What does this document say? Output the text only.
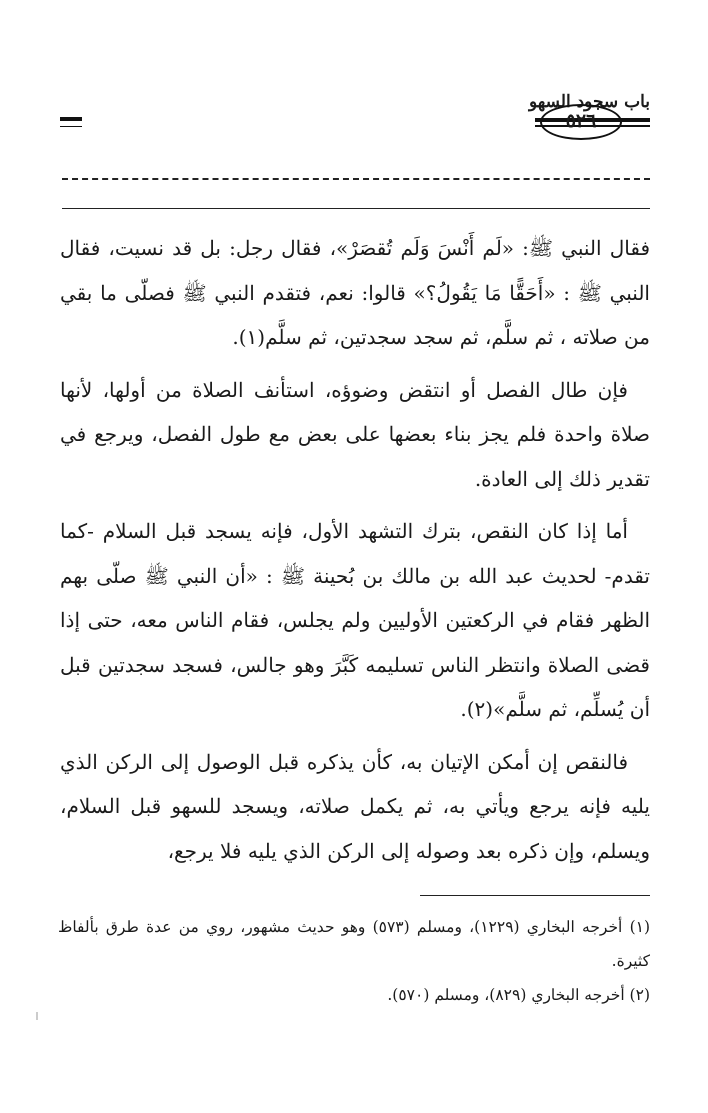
باب سجود السهو
٥٢٦

فقال النبي ﷺ: «لَم أَنْسَ وَلَم تُقصَرْ»، فقال رجل: بل قد نسيت، فقال النبي ﷺ : «أَحَقًّا مَا يَقُولُ؟» قالوا: نعم، فتقدم النبي ﷺ فصلّى ما بقي من صلاته ، ثم سلَّم، ثم سجد سجدتين، ثم سلَّم(١).

فإن طال الفصل أو انتقض وضوؤه، استأنف الصلاة من أولها، لأنها صلاة واحدة فلم يجز بناء بعضها على بعض مع طول الفصل، ويرجع في تقدير ذلك إلى العادة.

أما إذا كان النقص، بترك التشهد الأول، فإنه يسجد قبل السلام -كما تقدم- لحديث عبد الله بن مالك بن بُحينة ﷺ : «أن النبي ﷺ صلّى بهم الظهر فقام في الركعتين الأوليين ولم يجلس، فقام الناس معه، حتى إذا قضى الصلاة وانتظر الناس تسليمه كَبَّرَ وهو جالس، فسجد سجدتين قبل أن يُسلِّم، ثم سلَّم»(٢).

فالنقص إن أمكن الإتيان به، كأن يذكره قبل الوصول إلى الركن الذي يليه فإنه يرجع ويأتي به، ثم يكمل صلاته، ويسجد للسهو قبل السلام، ويسلم، وإن ذكره بعد وصوله إلى الركن الذي يليه فلا يرجع،

(١) أخرجه البخاري (١٢٢٩)، ومسلم (٥٧٣) وهو حديث مشهور، روي من عدة طرق بألفاظ كثيرة.

(٢) أخرجه البخاري (٨٢٩)، ومسلم (٥٧٠).
